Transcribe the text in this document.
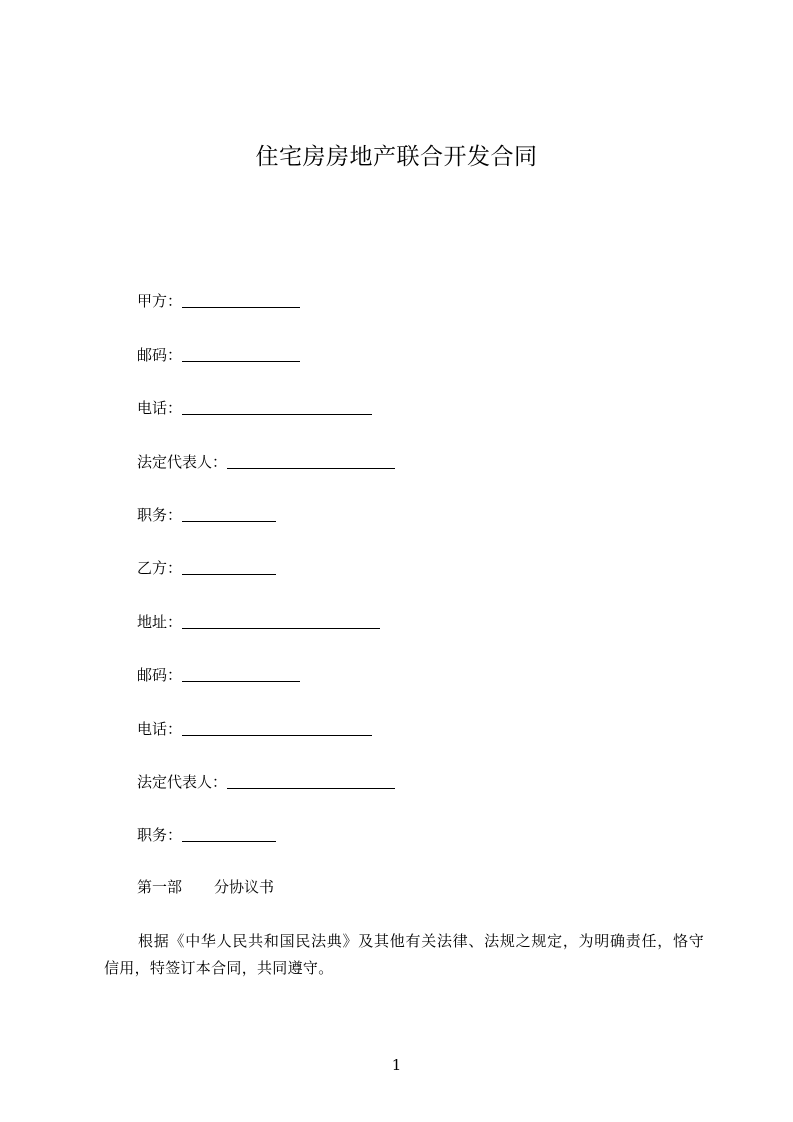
住宅房房地产联合开发合同
甲方：
邮码：
电话：
法定代表人：
职务：
乙方：
地址：
邮码：
电话：
法定代表人：
职务：
第一部 分协议书
根据《中华人民共和国民法典》及其他有关法律、法规之规定，为明确责任，恪守信用，特签订本合同，共同遵守。
1
